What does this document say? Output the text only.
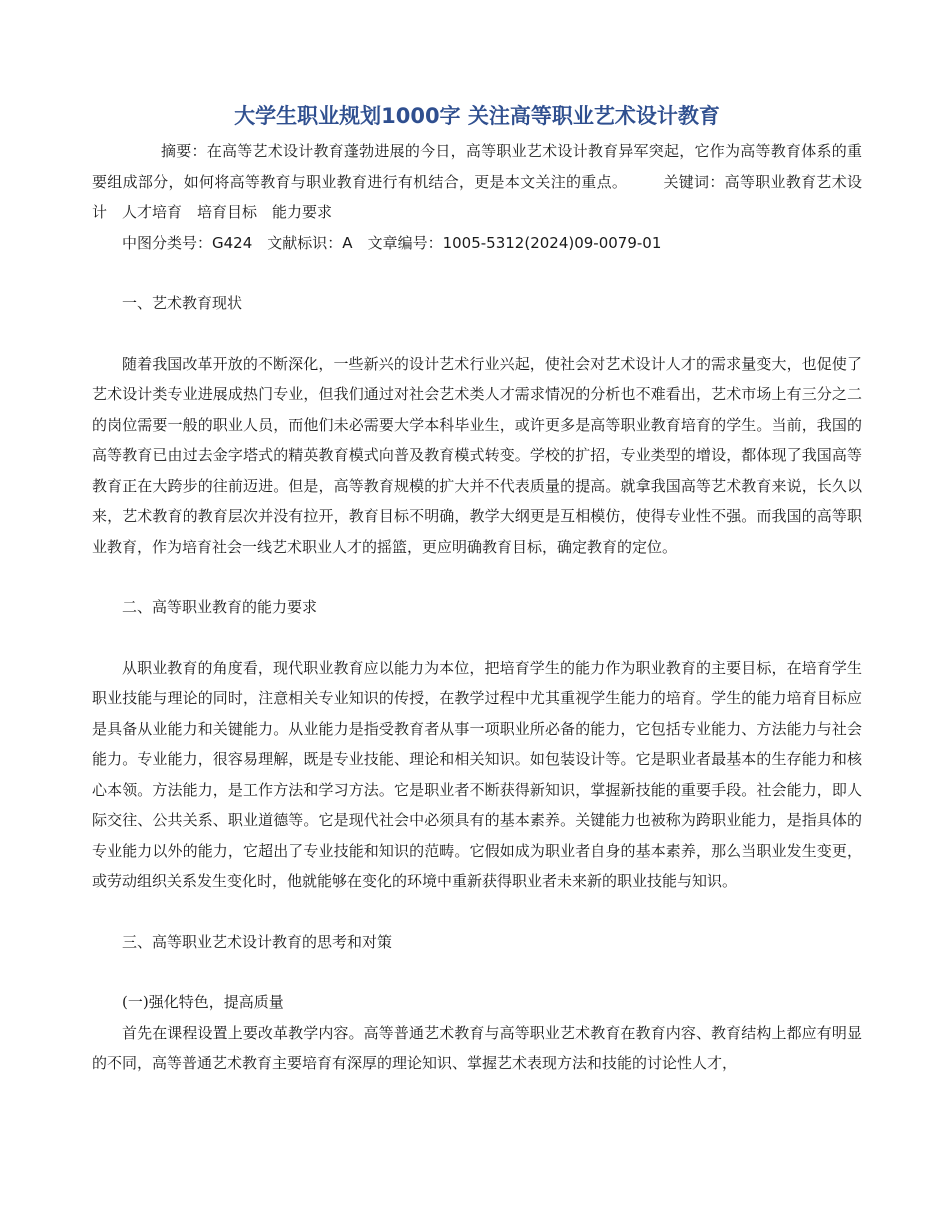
大学生职业规划1000字 关注高等职业艺术设计教育

摘要：在高等艺术设计教育蓬勃进展的今日，高等职业艺术设计教育异军突起，它作为高等教育体系的重要组成部分，如何将高等教育与职业教育进行有机结合，更是本文关注的重点。 关键词：高等职业教育艺术设计 人才培育 培育目标 能力要求

中图分类号：G424 文献标识：A 文章编号：1005-5312(2024)09-0079-01

一、艺术教育现状

随着我国改革开放的不断深化，一些新兴的设计艺术行业兴起，使社会对艺术设计人才的需求量变大，也促使了艺术设计类专业进展成热门专业，但我们通过对社会艺术类人才需求情况的分析也不难看出，艺术市场上有三分之二的岗位需要一般的职业人员，而他们未必需要大学本科毕业生，或许更多是高等职业教育培育的学生。当前，我国的高等教育已由过去金字塔式的精英教育模式向普及教育模式转变。学校的扩招，专业类型的增设，都体现了我国高等教育正在大跨步的往前迈进。但是，高等教育规模的扩大并不代表质量的提高。就拿我国高等艺术教育来说，长久以来，艺术教育的教育层次并没有拉开，教育目标不明确，教学大纲更是互相模仿，使得专业性不强。而我国的高等职业教育，作为培育社会一线艺术职业人才的摇篮，更应明确教育目标，确定教育的定位。

二、高等职业教育的能力要求

从职业教育的角度看，现代职业教育应以能力为本位，把培育学生的能力作为职业教育的主要目标，在培育学生职业技能与理论的同时，注意相关专业知识的传授，在教学过程中尤其重视学生能力的培育。学生的能力培育目标应是具备从业能力和关键能力。从业能力是指受教育者从事一项职业所必备的能力，它包括专业能力、方法能力与社会能力。专业能力，很容易理解，既是专业技能、理论和相关知识。如包装设计等。它是职业者最基本的生存能力和核心本领。方法能力，是工作方法和学习方法。它是职业者不断获得新知识，掌握新技能的重要手段。社会能力，即人际交往、公共关系、职业道德等。它是现代社会中必须具有的基本素养。关键能力也被称为跨职业能力，是指具体的专业能力以外的能力，它超出了专业技能和知识的范畴。它假如成为职业者自身的基本素养，那么当职业发生变更，或劳动组织关系发生变化时，他就能够在变化的环境中重新获得职业者未来新的职业技能与知识。

三、高等职业艺术设计教育的思考和对策

(一)强化特色，提高质量

首先在课程设置上要改革教学内容。高等普通艺术教育与高等职业艺术教育在教育内容、教育结构上都应有明显的不同，高等普通艺术教育主要培育有深厚的理论知识、掌握艺术表现方法和技能的讨论性人才，
